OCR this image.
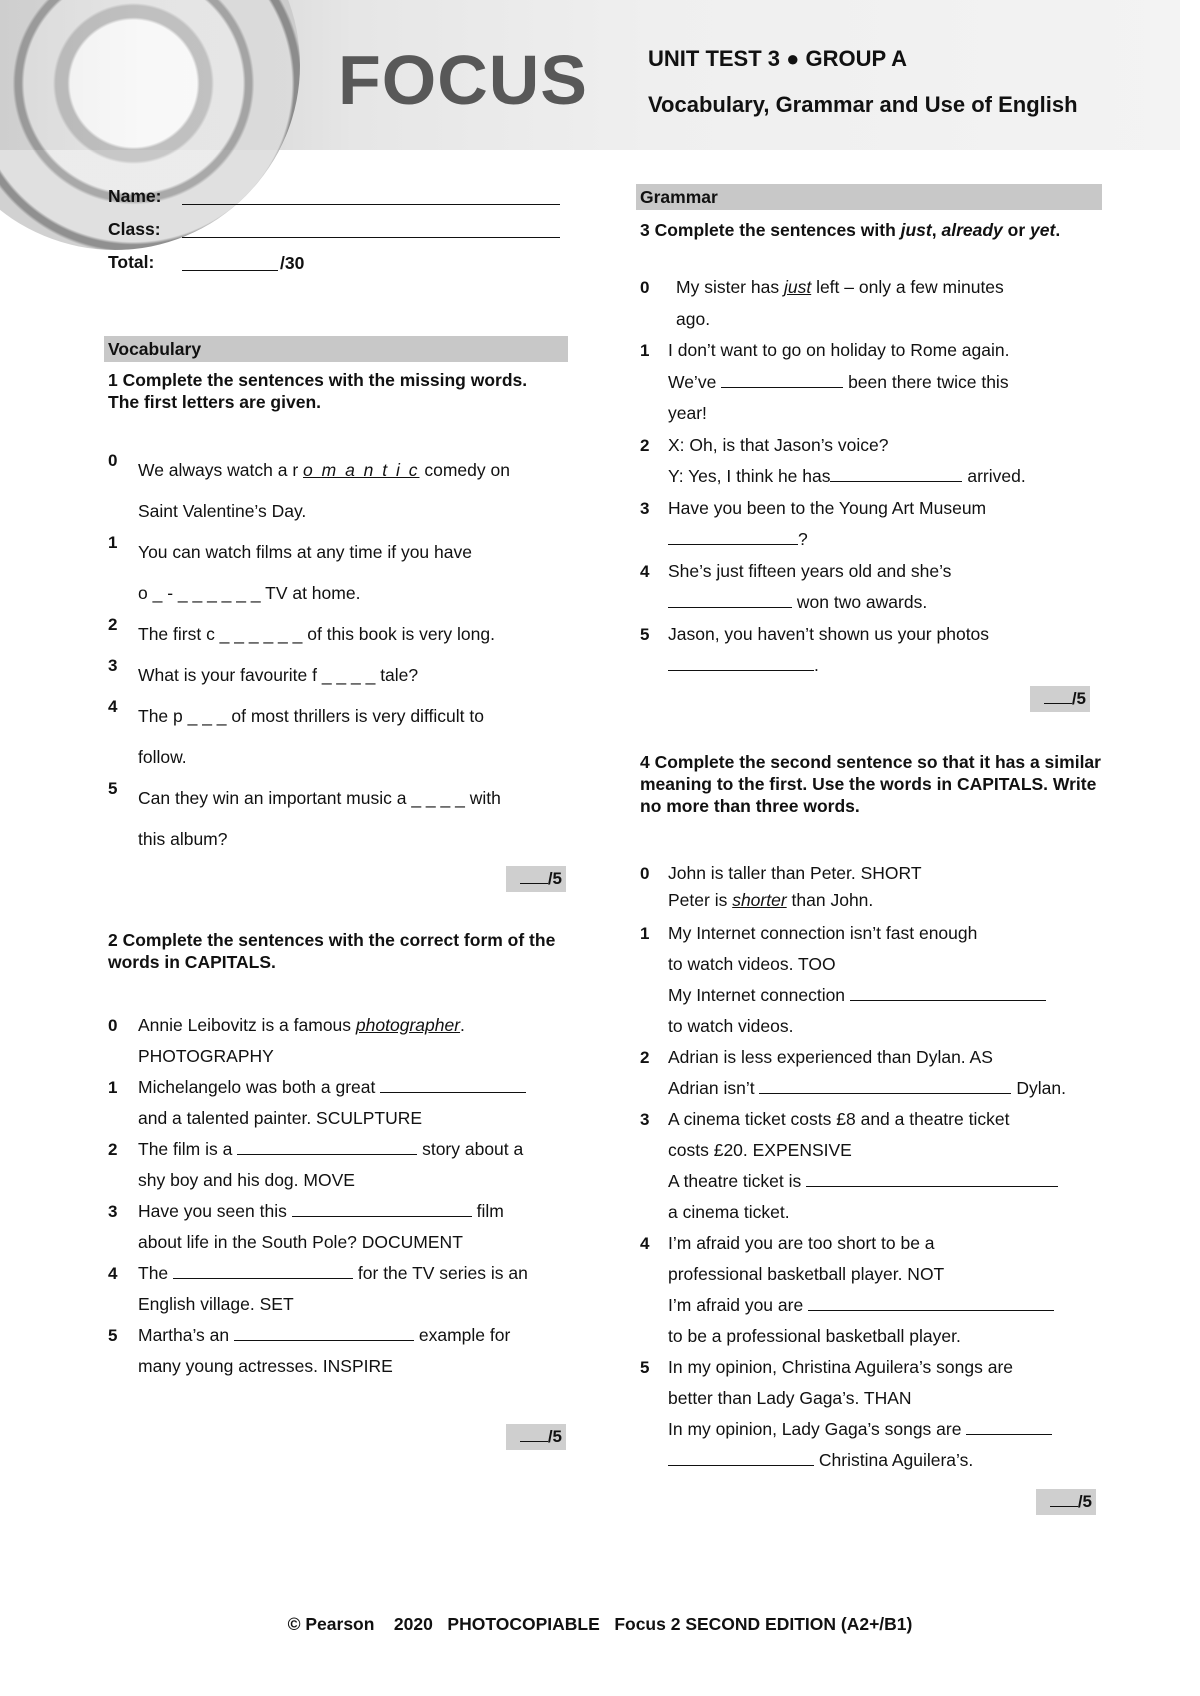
FOCUS	UNIT TEST 3 ● GROUP A
Vocabulary, Grammar and Use of English
Name:
Class:
Total:	/30
Vocabulary
1 Complete the sentences with the missing words. The first letters are given.
0 We always watch a r o m a n t i c comedy on
Saint Valentine’s Day.
1 You can watch films at any time if you have
o _ - _ _ _ _ _ _ TV at home.
2 The first c _ _ _ _ _ _ of this book is very long.
3 What is your favourite f _ _ _ _ tale?
4 The p _ _ _ of most thrillers is very difficult to
follow.
5 Can they win an important music a _ _ _ _ with
this album?
/5
2 Complete the sentences with the correct form of the words in CAPITALS.
0 Annie Leibovitz is a famous photographer.
PHOTOGRAPHY
1 Michelangelo was both a great
and a talented painter. SCULPTURE
2 The film is a	story about a
shy boy and his dog. MOVE
3 Have you seen this	film
about life in the South Pole? DOCUMENT
4 The	for the TV series is an
English village. SET
5 Martha’s an	example for
many young actresses. INSPIRE
/5
Grammar
3 Complete the sentences with just, already or yet.
0 My sister has just left – only a few minutes
ago.
1 I don’t want to go on holiday to Rome again.
We’ve	been there twice this
year!
2 X: Oh, is that Jason’s voice?
Y: Yes, I think he has	arrived.
3 Have you been to the Young Art Museum
?
4 She’s just fifteen years old and she’s
won two awards.
5 Jason, you haven’t shown us your photos
.
/5
4 Complete the second sentence so that it has a similar meaning to the first. Use the words in CAPITALS. Write no more than three words.
0 John is taller than Peter. SHORT
Peter is shorter than John.
1 My Internet connection isn’t fast enough
to watch videos. TOO
My Internet connection
to watch videos.
2 Adrian is less experienced than Dylan. AS
Adrian isn’t	Dylan.
3 A cinema ticket costs £8 and a theatre ticket
costs £20. EXPENSIVE
A theatre ticket is
a cinema ticket.
4 I’m afraid you are too short to be a
professional basketball player. NOT
I’m afraid you are
to be a professional basketball player.
5 In my opinion, Christina Aguilera’s songs are
better than Lady Gaga’s. THAN
In my opinion, Lady Gaga’s songs are
Christina Aguilera’s.
/5
© Pearson    2020   PHOTOCOPIABLE   Focus 2 SECOND EDITION (A2+/B1)
